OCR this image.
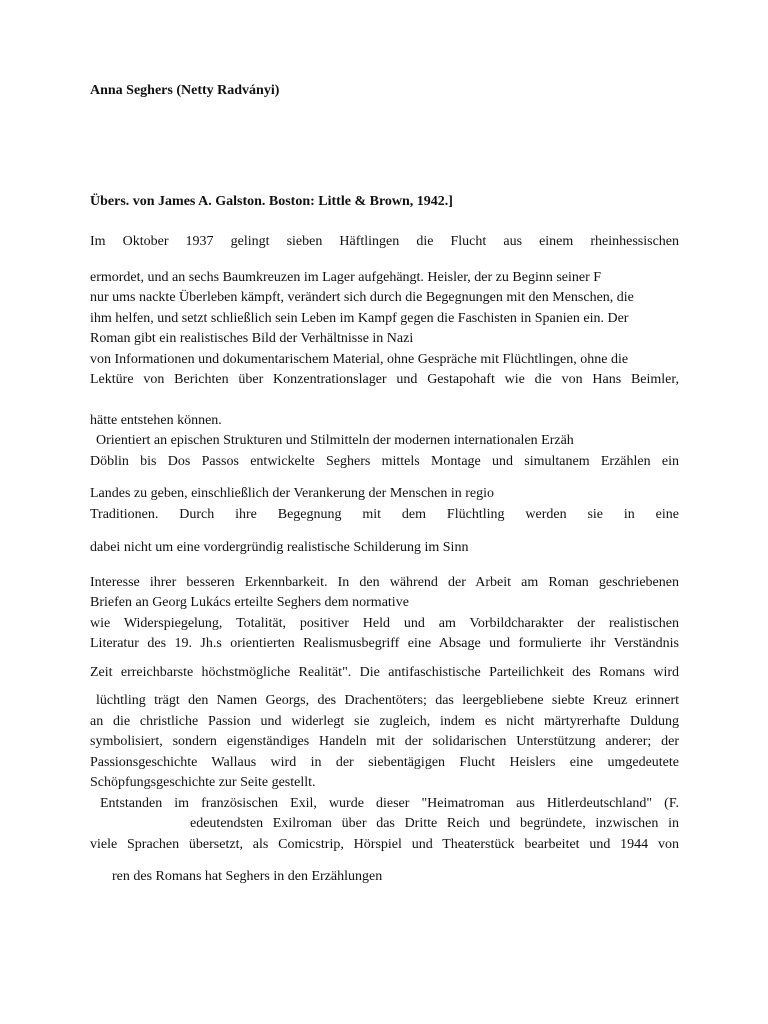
Anna Seghers (Netty Radványi)
Übers. von James A. Galston. Boston: Little & Brown, 1942.]
Im Oktober 1937 gelingt sieben Häftlingen die Flucht aus einem rheinhessischen
ermordet, und an sechs Baumkreuzen im Lager aufgehängt. Heisler, der zu Beginn seiner F
nur ums nackte Überleben kämpft, verändert sich durch die Begegnungen mit den Menschen, die
ihm helfen, und setzt schließlich sein Leben im Kampf gegen die Faschisten in Spanien ein. Der
Roman gibt ein realistisches Bild der Verhältnisse in Nazi
von Informationen und dokumentarischem Material, ohne Gespräche mit Flüchtlingen, ohne die
Lektüre von Berichten über Konzentrationslager und Gestapohaft wie die von Hans Beimler,
hätte entstehen können.
Orientiert an epischen Strukturen und Stilmitteln der modernen internationalen Erzäh
Döblin bis Dos Passos entwickelte Seghers mittels Montage und simultanem Erzählen ein
Landes zu geben, einschließlich der Verankerung der Menschen in regio
Traditionen. Durch ihre Begegnung mit dem Flüchtling werden sie in eine
dabei nicht um eine vordergründig realistische Schilderung im Sinn
Interesse ihrer besseren Erkennbarkeit. In den während der Arbeit am Roman geschriebenen
Briefen an Georg Lukács erteilte Seghers dem normative
wie Widerspiegelung, Totalität, positiver Held und am Vorbildcharakter der realistischen
Literatur des 19. Jh.s orientierten Realismusbegriff eine Absage und formulierte ihr Verständnis
Zeit erreichbarste höchstmögliche Realität". Die antifaschistische Parteilichkeit des Romans wird
lüchtling trägt den Namen Georgs, des Drachentöters; das leergebliebene siebte Kreuz erinnert
an die christliche Passion und widerlegt sie zugleich, indem es nicht märtyrerhafte Duldung
symbolisiert, sondern eigenständiges Handeln mit der solidarischen Unterstützung anderer; der
Passionsgeschichte Wallaus wird in der siebentägigen Flucht Heislers eine umgedeutete
Schöpfungsgeschichte zur Seite gestellt.
Entstanden im französischen Exil, wurde dieser "Heimatroman aus Hitlerdeutschland" (F.
edeutendsten Exilroman über das Dritte Reich und begründete, inzwischen in
viele Sprachen übersetzt, als Comicstrip, Hörspiel und Theaterstück bearbeitet und 1944 von
ren des Romans hat Seghers in den Erzählungen
